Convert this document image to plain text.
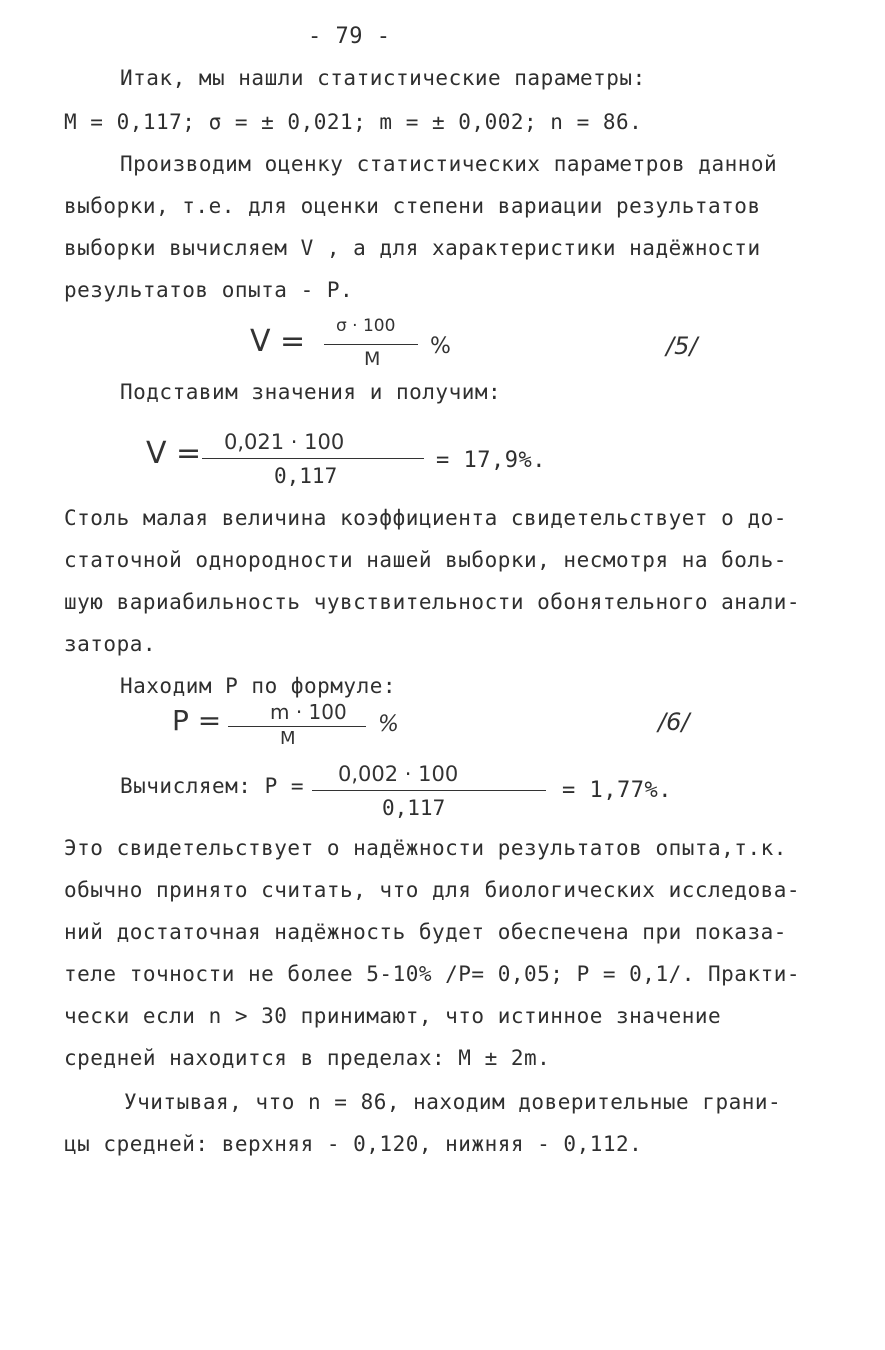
- 79 -
Итак, мы нашли статистические параметры:
M = 0,117; σ = ± 0,021; m = ± 0,002; n = 86.
Производим оценку статистических параметров данной
выборки, т.е. для оценки степени вариации результатов
выборки вычисляем V , а для характеристики надёжности
результатов опыта - P.
V = σ · 100
M %	/5/
Подставим значения и получим:
V = 0,021 · 100
0,117
= 17,9%.
Столь малая величина коэффициента свидетельствует о до-
статочной однородности нашей выборки, несмотря на боль-
шую вариабильность чувствительности обонятельного анали-
затора.
Находим P по формуле:
P = m · 100
M
%	/6/
Вычисляем: P = 0,002 · 100
0,117
= 1,77%.
Это свидетельствует о надёжности результатов опыта,т.к.
обычно принято считать, что для биологических исследова-
ний достаточная надёжность будет обеспечена при показа-
теле точности не более 5-10% /P= 0,05; P = 0,1/. Практи-
чески если n > 30 принимают, что истинное значение
средней находится в пределах: M ± 2m.
Учитывая, что n = 86, находим доверительные грани-
цы средней: верхняя - 0,120, нижняя - 0,112.
